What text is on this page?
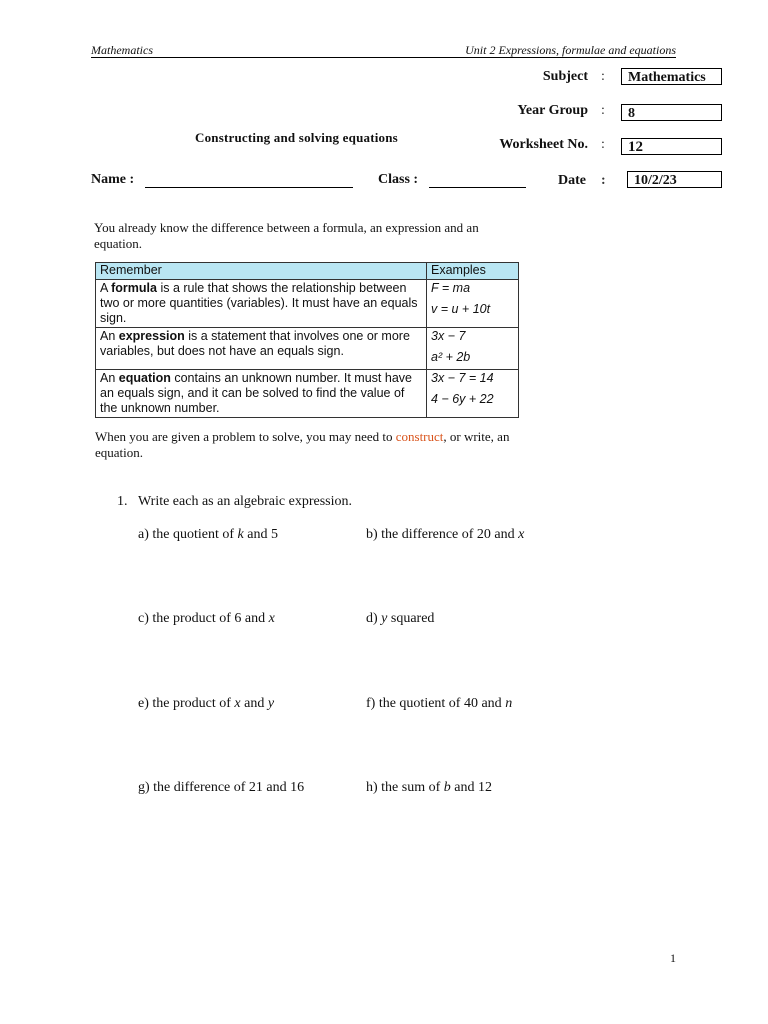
Mathematics	Unit 2 Expressions, formulae and equations
Subject :	Mathematics
Year Group :	8
Constructing and solving equations	Worksheet No. :	12
Name :	Class :	Date :	10/2/23
You already know the difference between a formula, an expression and an equation.
Remember	Examples
A formula is a rule that shows the relationship between two or more quantities (variables). It must have an equals sign.	F = ma
v = u + 10t

An expression is a statement that involves one or more variables, but does not have an equals sign.	3x − 7
a² + 2b

An equation contains an unknown number. It must have an equals sign, and it can be solved to find the value of the unknown number.	3x − 7 = 14
4 − 6y + 22
When you are given a problem to solve, you may need to construct, or write, an equation.
1. Write each as an algebraic expression.
a) the quotient of k and 5	b) the difference of 20 and x
c) the product of 6 and x	d) y squared
e) the product of x and y	f) the quotient of 40 and n
g) the difference of 21 and 16	h) the sum of b and 12
1
